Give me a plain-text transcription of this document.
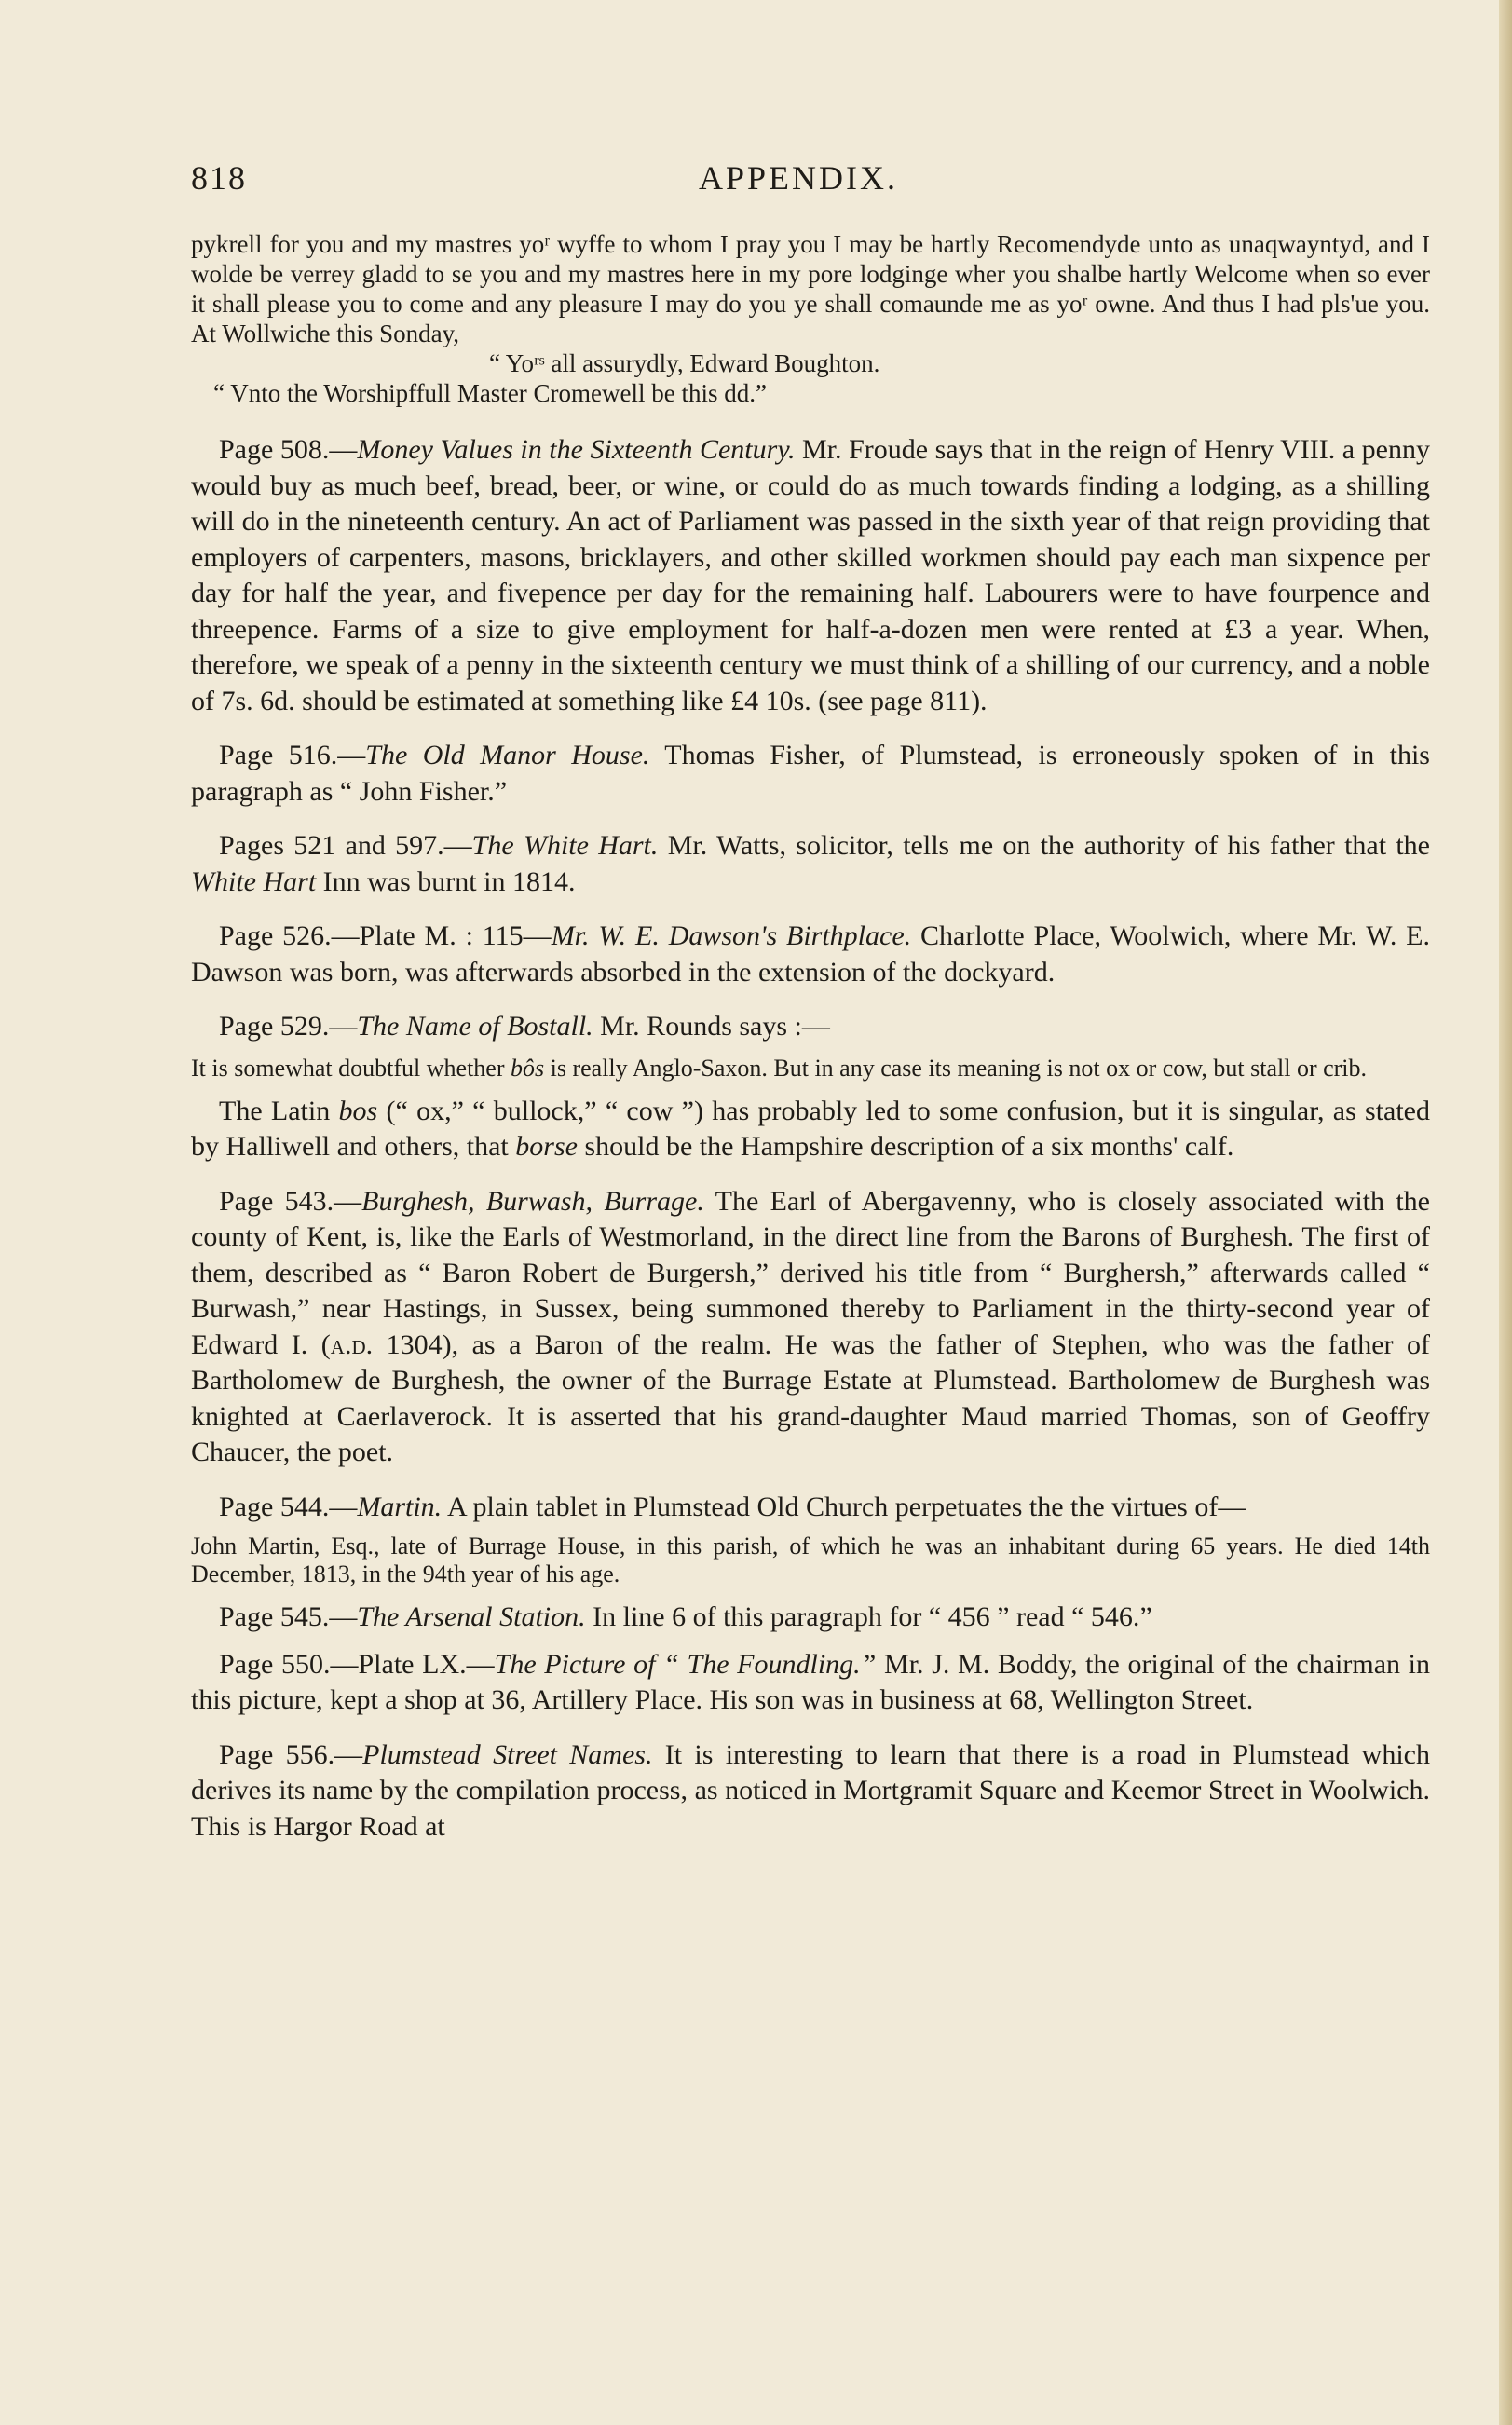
818	APPENDIX.

pykrell for you and my mastres yoʳ wyffe to whom I pray you I may be hartly Recomendyde unto as unaqwayntyd, and I wolde be verrey gladd to se you and my mastres here in my pore lodginge wher you shalbe hartly Welcome when so ever it shall please you to come and any pleasure I may do you ye shall comaunde me as yoʳ owne. And thus I had pls'ue you. At Wollwiche this Sonday,

“ Yoʳˢ all assurydly, Edward Boughton.

“ Vnto the Worshipffull Master Cromewell be this dd.”

Page 508.—Money Values in the Sixteenth Century. Mr. Froude says that in the reign of Henry VIII. a penny would buy as much beef, bread, beer, or wine, or could do as much towards finding a lodging, as a shilling will do in the nineteenth century. An act of Parliament was passed in the sixth year of that reign providing that employers of carpenters, masons, bricklayers, and other skilled workmen should pay each man sixpence per day for half the year, and fivepence per day for the remaining half. Labourers were to have fourpence and threepence. Farms of a size to give employment for half-a-dozen men were rented at £3 a year. When, therefore, we speak of a penny in the sixteenth century we must think of a shilling of our currency, and a noble of 7s. 6d. should be estimated at something like £4 10s. (see page 811).

Page 516.—The Old Manor House. Thomas Fisher, of Plumstead, is erroneously spoken of in this paragraph as “ John Fisher.”

Pages 521 and 597.—The White Hart. Mr. Watts, solicitor, tells me on the authority of his father that the White Hart Inn was burnt in 1814.

Page 526.—Plate M. : 115—Mr. W. E. Dawson's Birthplace. Charlotte Place, Woolwich, where Mr. W. E. Dawson was born, was afterwards absorbed in the extension of the dockyard.

Page 529.—The Name of Bostall. Mr. Rounds says :—

It is somewhat doubtful whether bôs is really Anglo-Saxon. But in any case its meaning is not ox or cow, but stall or crib.

The Latin bos (“ ox,” “ bullock,” “ cow ”) has probably led to some confusion, but it is singular, as stated by Halliwell and others, that borse should be the Hampshire description of a six months' calf.

Page 543.—Burghesh, Burwash, Burrage. The Earl of Abergavenny, who is closely associated with the county of Kent, is, like the Earls of Westmorland, in the direct line from the Barons of Burghesh. The first of them, described as “ Baron Robert de Burgersh,” derived his title from “ Burghersh,” afterwards called “ Burwash,” near Hastings, in Sussex, being summoned thereby to Parliament in the thirty-second year of Edward I. (a.d. 1304), as a Baron of the realm. He was the father of Stephen, who was the father of Bartholomew de Burghesh, the owner of the Burrage Estate at Plumstead. Bartholomew de Burghesh was knighted at Caerlaverock. It is asserted that his grand-daughter Maud married Thomas, son of Geoffry Chaucer, the poet.

Page 544.—Martin. A plain tablet in Plumstead Old Church perpetuates the the virtues of—

John Martin, Esq., late of Burrage House, in this parish, of which he was an inhabitant during 65 years. He died 14th December, 1813, in the 94th year of his age.

Page 545.—The Arsenal Station. In line 6 of this paragraph for “ 456 ” read “ 546.”

Page 550.—Plate LX.—The Picture of “ The Foundling.” Mr. J. M. Boddy, the original of the chairman in this picture, kept a shop at 36, Artillery Place. His son was in business at 68, Wellington Street.

Page 556.—Plumstead Street Names. It is interesting to learn that there is a road in Plumstead which derives its name by the compilation process, as noticed in Mortgramit Square and Keemor Street in Woolwich. This is Hargor Road at
